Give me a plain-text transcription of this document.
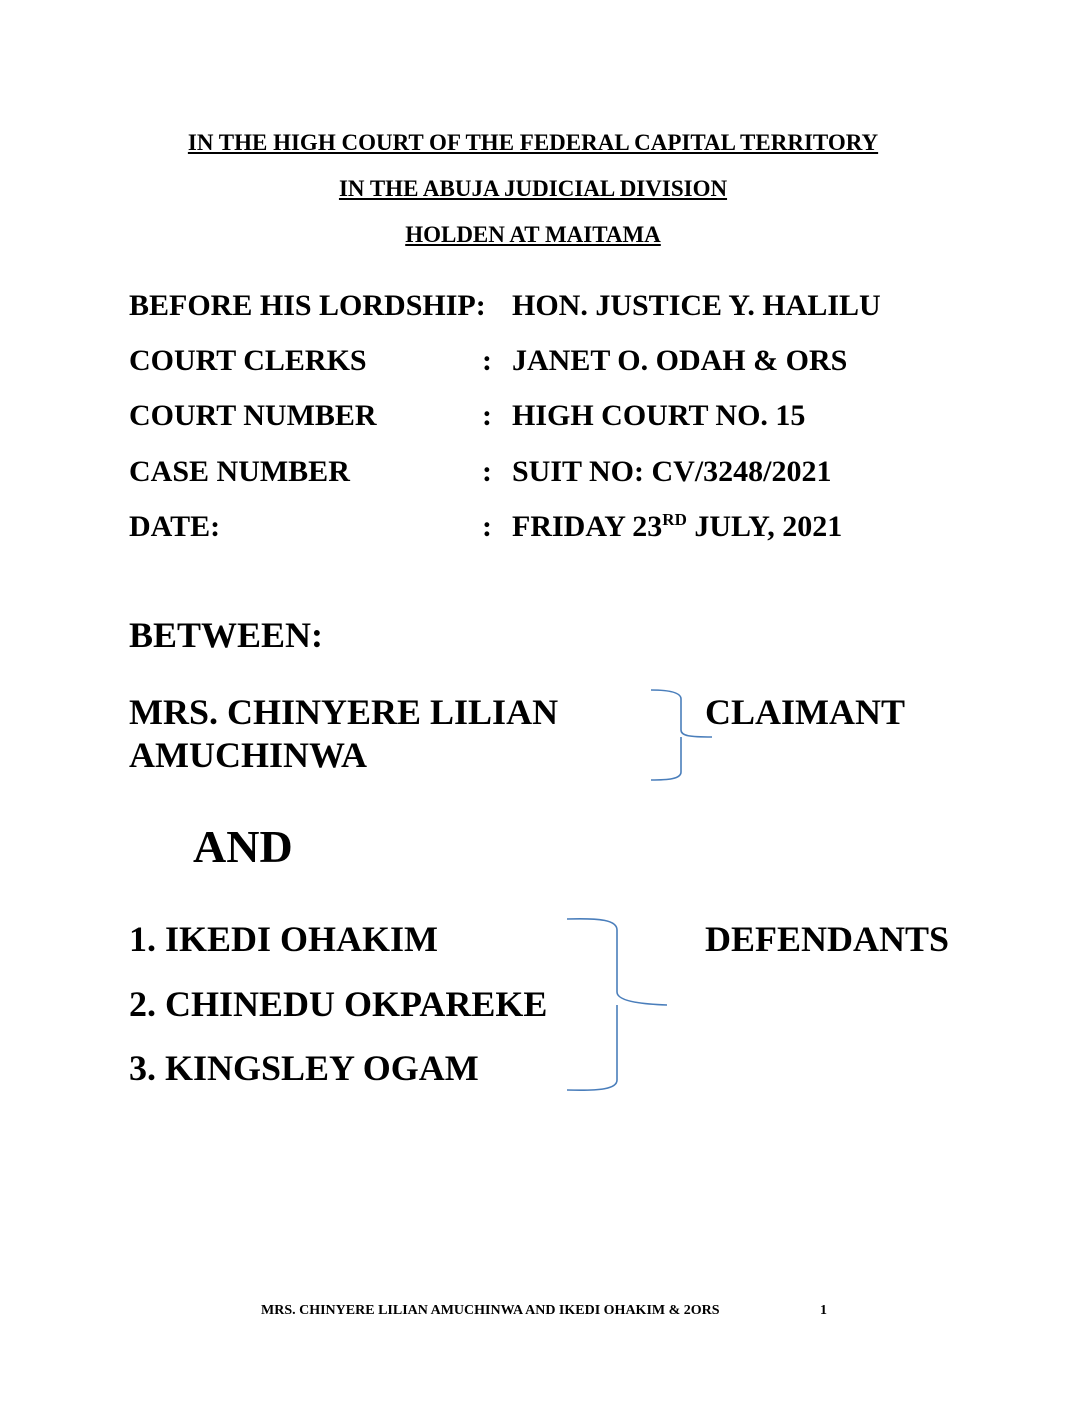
IN THE HIGH COURT OF THE FEDERAL CAPITAL TERRITORY
IN THE ABUJA JUDICIAL DIVISION
HOLDEN AT MAITAMA
BEFORE HIS LORDSHIP: HON. JUSTICE Y. HALILU
COURT CLERKS	: JANET O. ODAH & ORS
COURT NUMBER	: HIGH COURT NO. 15
CASE NUMBER	: SUIT NO: CV/3248/2021
DATE:	: FRIDAY 23RD JULY, 2021
BETWEEN:
MRS. CHINYERE LILIAN
AMUCHINWA
CLAIMANT
AND
1. IKEDI OHAKIM
2. CHINEDU OKPAREKE
3. KINGSLEY OGAM
DEFENDANTS
MRS. CHINYERE LILIAN AMUCHINWA AND IKEDI OHAKIM & 2ORS	1
